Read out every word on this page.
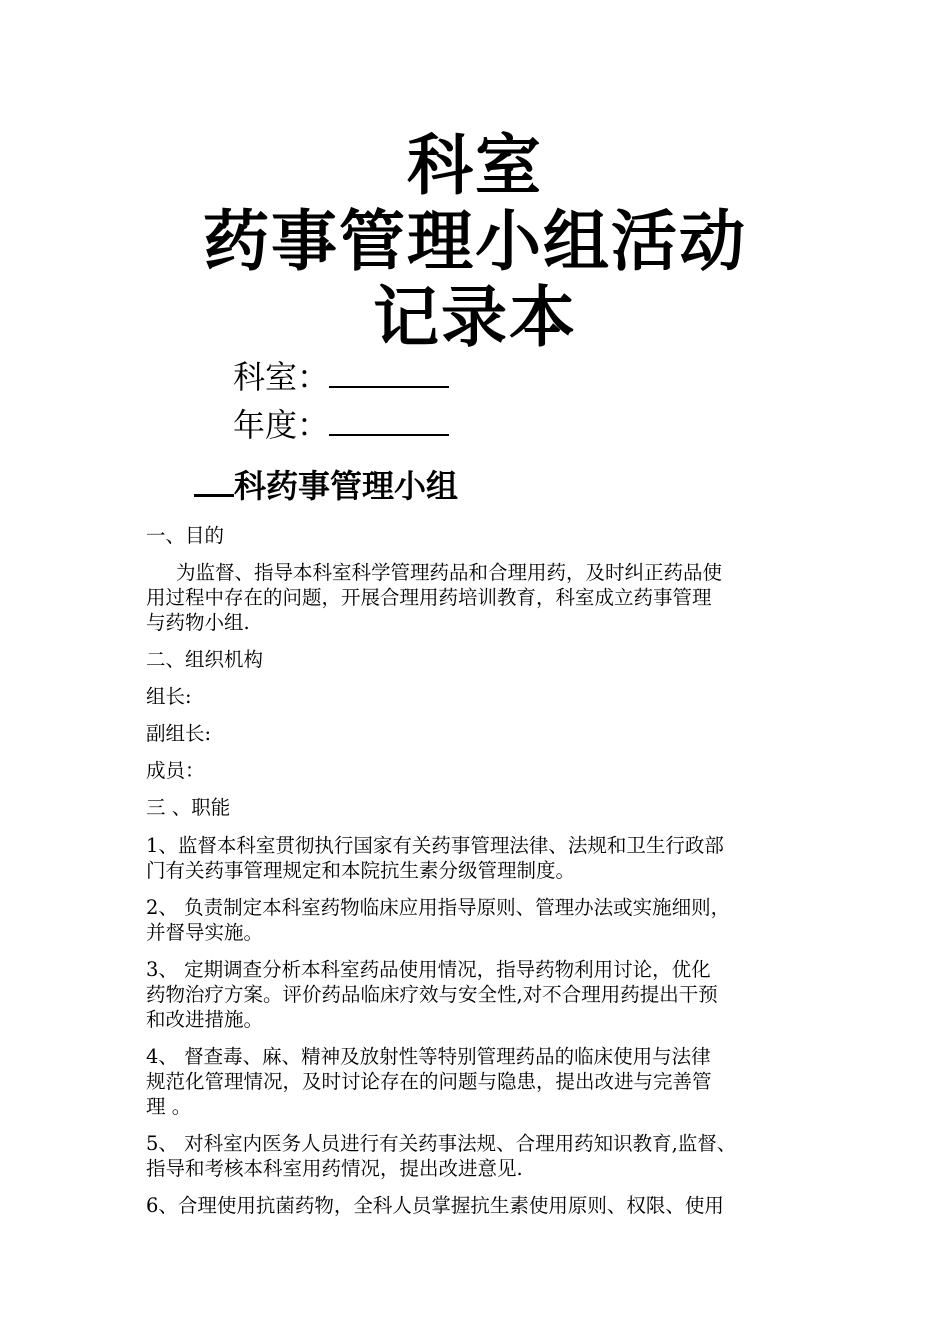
科室
药事管理小组活动
记录本
科室：
年度：
科药事管理小组
一、目的
为监督、指导本科室科学管理药品和合理用药，及时纠正药品使
用过程中存在的问题，开展合理用药培训教育，科室成立药事管理
与药物小组.
二、组织机构
组长:
副组长:
成员：
三 、职能
1、监督本科室贯彻执行国家有关药事管理法律、法规和卫生行政部
门有关药事管理规定和本院抗生素分级管理制度。
2、 负责制定本科室药物临床应用指导原则、管理办法或实施细则，
并督导实施。
3、 定期调查分析本科室药品使用情况，指导药物利用讨论，优化
药物治疗方案。评价药品临床疗效与安全性,对不合理用药提出干预
和改进措施。
4、 督查毒、麻、精神及放射性等特别管理药品的临床使用与法律
规范化管理情况，及时讨论存在的问题与隐患，提出改进与完善管
理 。
5、 对科室内医务人员进行有关药事法规、合理用药知识教育,监督、
指导和考核本科室用药情况，提出改进意见.
6、合理使用抗菌药物，全科人员掌握抗生素使用原则、权限、使用
